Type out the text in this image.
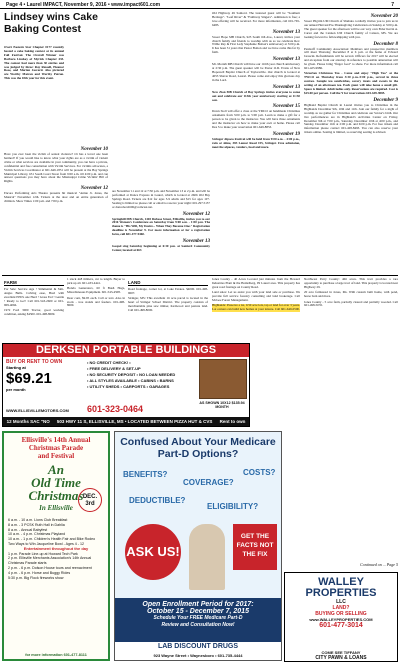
Page 4 • Laurel IMPACT, November 9, 2016 • www.impact601.com	7
Lindsey wins Cake Baking Contest

Overt Eastern Star Chapter #177 recently hosted a cake baking contest at its annual Fall Festival. The Overall Winner was Barbara Lindsey of Myrick Chapter 435. The contest had more than 30 entries and was judged by three: Ray Russell, Eleanor Rose, and Marian Jaccard. Also pictured are Worthy Matron and Worthy Patron. This was the 18th year for this event.

November 10

Have you ever been the victim of sexual violence? Or has a loved one been harmed? If you would like to know what your rights are as a victim of violent crime or what services are available in your community, you can have a private, confidential and free consultation with Victim Services. For victims advocates, a Victim Services Coordinator at 601-649-1851 will be present at the Bay Springs Municipal Library, 631 South Court Street from 9:00 a.m. till 4:00 p.m. and can answer questions you may have about the Mississippi Crime Victims' Bill of Rights.

November 12

Encore Performing Arts Theatre presents hit musical "Annie Jr. Jones, the Musical" November 12th. Tickets at the door and on entire generation of children. Show Times 1:00 p.m. and 7:00 p.m.

are November 11 and 12 at 7:30 p.m. and November 13 at 2 p.m. and will be performed at Dance Express in Laurel, which is located at 2606 Old Bay Springs Road. Tickets are $12 for ages 5-9 adults and $15 for ages 10+. Seating is limited so please call or email to reserve your night: 601.297.5157 or dancebox2606@comcast.net.

November 12

Springhill MB Church, 1403 Dubose Street, Ellisville, invites you to our 2016 Women's Conference on Saturday from 9:00 a.m. - 1:00 p.m. The theme is "His Will, My Desire... When They Become One." Registration deadline is November 9. For more information or for a registration form, call 601-477-9460.

November 13

Gospel sing Saturday beginning at 6:30 p.m. at Sanford Community Center, located at 663

Old Highway 49 Sanford. The featured guest will be "Southern Heritage". "Leaf River" & "Faithway Singers". Admission is free; a love offering will be received. For more information, call 601-765-6483.

November 13

Sweet Hope MB Church, 925 South 6th Ave., Laurel, invites your church family and friends to worship with us as we celebrate Rev. Willie Ray & First Lady Stephanie Bolton's anniversary at 3:00 p.m. It has been 31 years that Pastor Bolton and we have come this far by faith.

November 13

Mt. Moriah MB Church will have our 116th year church anniversary at 2:30 p.m. The guest speaker will be Pastor O.D. Evans of New Hopewell Baptist Church of Taylorsville. Our church is located at 4053 Shaver Road, Laurel. Please come and enjoy this glorious day in the Lord.

November 13

New Zion MB Church of Bay Springs invites everyone to come out and celebrate our 113th year anniversary starting at 11:30 a.m.

November 15

Dawn Stoll will offer a class at the YMCO on handmade Christmas ornaments from 3:00 p.m. to 5:00 p.m. Learn to make a gift for a person to be given to the instructor. You will have three ornaments and the instructor on how to make your own at home. Please call Dee S to make your reservation 601-649-8853.

November 19

Stringer Alpaca Festival will be held from 9:00 a.m. - 4:00 p.m., rain or shine, 383 Lamar Road 155, Stringer. Free admission, meet the alpacas, vendors, food and more.

November 20

Sweet Pilgrim UM Church of Shubuta cordially invites you to join us in our annual Harvest/Pre-Thanksgiving Celebration on Sunday at 3:00 p.m. The guest speaker for the afternoon will be our very own Elder Kevin A. Carter and the Cannon UM Church family of Canton, MS. We are looking forward to fellowshipping with you.

December 8

Pendorff Community Association: Members and prospective members will meet Thursday, December 8 at 6 p.m. at the home of Edward Jaroscki. Refreshments will be served. Officers for 2017 will be elected and an update from our attorney in reference to possible annexation will be given. Please bring "finger food" to share. For more information call 601-425-9986.

Victorian Christmas Tea - Come and enjoy "High Tea" at the TWCO on Thursday from 3:30 p.m.-5:00 p.m., served in three courses. Sample tea sandwiches, savory treats and sweets in the setting of an afternoon tea. Each guest will take home a small gift. Space is limited. Adult ladies only. Reservations are required. Cost is $25.00 per person. Call the Y for reservations 601-649-9085.

December 9

Highland Baptist Church in Laurel invites you to Christmas in the Highlands December 9th, 10th and 11th. Join our family for a night of worship as we gather for Christmas and celebrate our Savior's birth. Our live performances are in Highland's Activities Center on Friday, December 9th at 7:00 p.m., Saturday, December 10th at 4:00 p.m., and Sunday, December 11th at 2:00 p.m. and 6:00 p.m. For free tickets and information please contact 601-428-8493. You can also reserve your tickets online. Seating is limited, so reserving seating is advised.

FARM

For Sale: Service Age • Simmental & Sim-Angus Bulls. Calving ease, Bred with excellent EPD's one Herd • Grass Fed • Gentle • Ready to Go!! Call 601-543-2600 or 601-909-4066.

1972 Ford 3000 Tractor, good working condition, asking $4500. 601-498-8009.

1 stack 4x8 timbers, cut to length. Buyer to pick up all. 601-433-4441.

Honda Generators, 60 ft Bush Hogs, Miscellaneous Equipment. 601-543-4508.

Deer corn, $9.95 each. Call or text. Also in stock - tree stands and feeders. 601-498-8000.

LAND

Road frontage, corner lot, at Lake Estates. $4000. 601-498-9007.

Stringer, MS: This excellent 16 acre parcel is located in the heart of Stringer School District. The property consists of merchantable pine saw timber, hardwood and pasture land. Call 601-498-8000.

Jones County - 40 Acres Located just minutes from the Howard Industries Plant & the Heidelberg, IN Laurel area. This property has great road frontage on County Road.

Land sales: Let us assist you with your land sale or purchase. We provide full service forestry consulting and land brokerage. Call McGee Forest Management.

Highlands: Preserve a lot, 0.50 acre lots, tap or land for over 3 years. Lot owners can build new homes at your leisure. Call 601-649-0500.

Northwest Perry County: 466 acres. This tract provides a rare opportunity to purchase a large tract of land. This property is located near Highway 29.

20 acre farmstead in Jones, Ms. With custom built home, with pond, horse barn and more.

Jones County - 5 acre farm, partially cleared and partially wooded. Call 601-498-5035.

DERKSEN PORTABLE BUILDINGS
BUY OR RENT TO OWN
Starting at
$69.21
per month
• NO CREDIT CHECK! •
• FREE DELIVERY & SET-UP
• NO SECURITY DEPOSIT • NO LOAN NEEDED
• ALL STYLES AVAILABLE • CABINS • BARNS
• UTILITY SHEDS • CARPORTS • GARAGES
AS SHOWN 10X12 $135.94 MONTH
WWW.ELLISVILLEMOTORS.COM 601-323-0464
12 Months SAC "NO 503 HWY 11 S, ELLISVILLE, MS • LOCATED BETWEEN PIZZA HUT & CVS Rent to own
Ellisville's 14th Annual
Christmas Parade
and Festival
An
Old Time
Christmas
In Ellisville
DEC.
3rd
6 a.m. - 10 a.m. Lions Club Breakfast
8 a.m. - 3 PCSK Ruth Hall in Dahlia
8 a.m. - Annual Babyfest
10 a.m. - 4 p.m. Christmas Playland
10 a.m. - 1 p.m. Children's Health Fair and Bike Rodeo
Two Ways to Win Jacqueline Bowl - Ages 4 - 12
Entertainment throughout the day
1 p.m. Parade Line-up at Howard Tech Park
2 p.m. Ellisville Merchants Association's 14th Annual Christmas Parade starts
2 p.m. - 6 p.m. Dolson House tours and reenactment
4 p.m. - 6 p.m. Horse and Buggy Rides
5:30 p.m. Big Flock fireworks show
for more information 601-477-8111
Confused About Your Medicare Part-D Options?
BENEFITS?
COVERAGE?
COSTS?
DEDUCTIBLE?
ELIGIBILITY?
ASK US!
GET THE FACTS NOT THE FIX
Open Enrollment Period for 2017:
October 15 - December 7, 2015
Schedule Your FREE Medicare Part-D
Review and Consultation Now!
LAB DISCOUNT DRUGS
923 Wayne Street • Waynesboro • 601-735-4444
Continued on ... Page 5
WALLEY
PROPERTIES
LLC
LAND?
BUYING OR SELLING
www.WALLEYPROPERTIES.COM
601-477-3014
COME SEE TIFFANY
CITY PAWN & LOANS
